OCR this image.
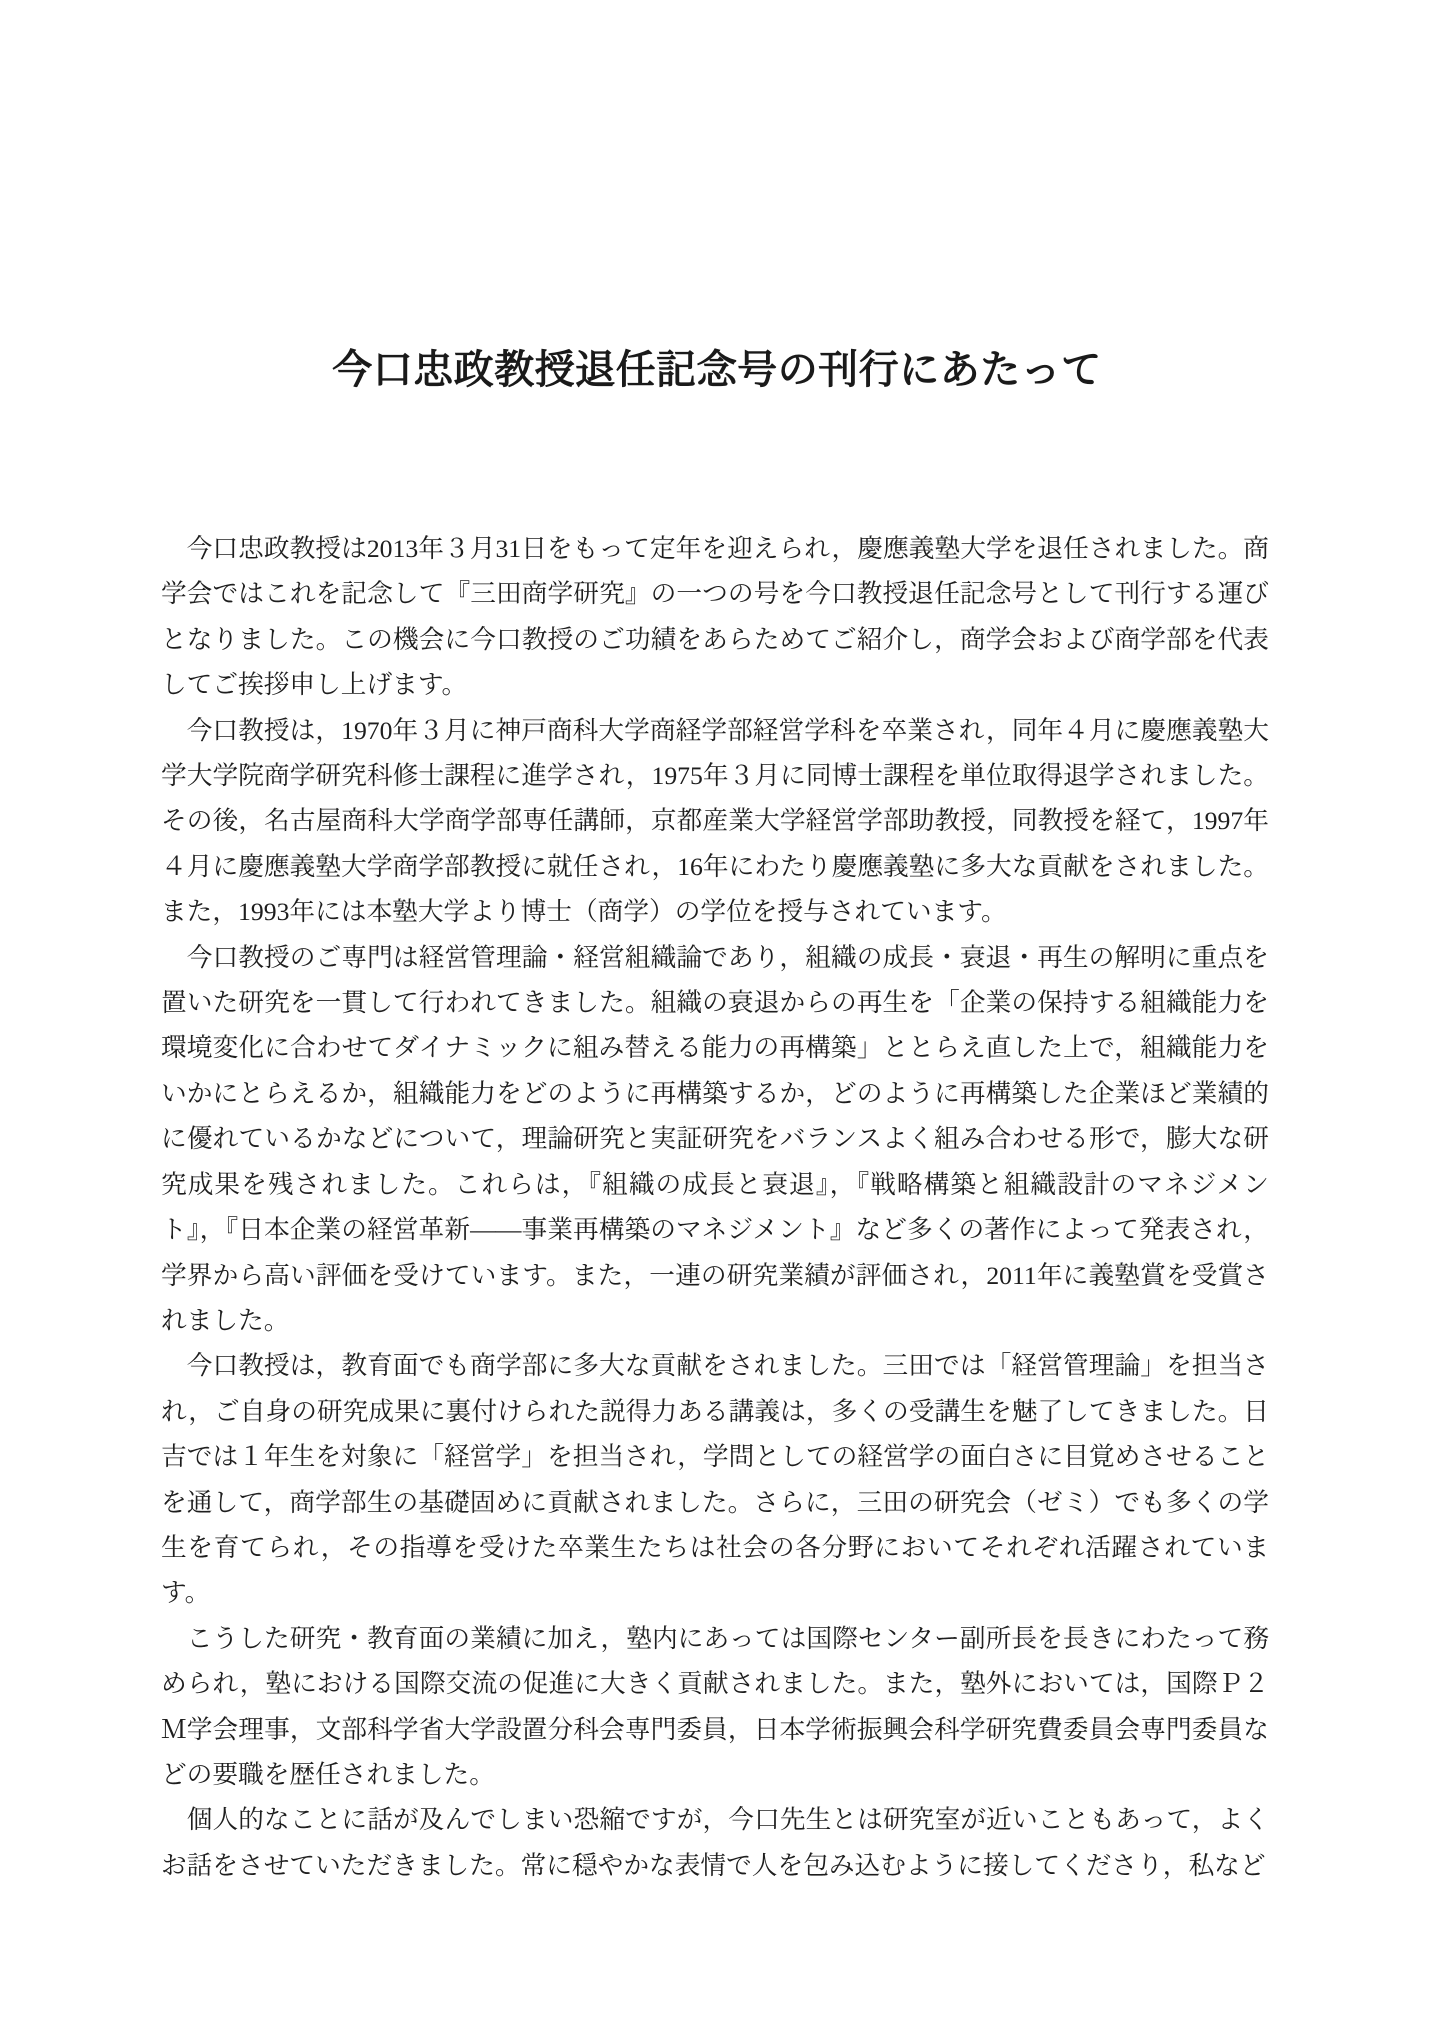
今口忠政教授退任記念号の刊行にあたって

今口忠政教授は2013年３月31日をもって定年を迎えられ，慶應義塾大学を退任されました。商学会ではこれを記念して『三田商学研究』の一つの号を今口教授退任記念号として刊行する運びとなりました。この機会に今口教授のご功績をあらためてご紹介し，商学会および商学部を代表してご挨拶申し上げます。

今口教授は，1970年３月に神戸商科大学商経学部経営学科を卒業され，同年４月に慶應義塾大学大学院商学研究科修士課程に進学され，1975年３月に同博士課程を単位取得退学されました。その後，名古屋商科大学商学部専任講師，京都産業大学経営学部助教授，同教授を経て，1997年４月に慶應義塾大学商学部教授に就任され，16年にわたり慶應義塾に多大な貢献をされました。また，1993年には本塾大学より博士（商学）の学位を授与されています。

今口教授のご専門は経営管理論・経営組織論であり，組織の成長・衰退・再生の解明に重点を置いた研究を一貫して行われてきました。組織の衰退からの再生を「企業の保持する組織能力を環境変化に合わせてダイナミックに組み替える能力の再構築」ととらえ直した上で，組織能力をいかにとらえるか，組織能力をどのように再構築するか，どのように再構築した企業ほど業績的に優れているかなどについて，理論研究と実証研究をバランスよく組み合わせる形で，膨大な研究成果を残されました。これらは，『組織の成長と衰退』，『戦略構築と組織設計のマネジメント』，『日本企業の経営革新――事業再構築のマネジメント』など多くの著作によって発表され，学界から高い評価を受けています。また，一連の研究業績が評価され，2011年に義塾賞を受賞されました。

今口教授は，教育面でも商学部に多大な貢献をされました。三田では「経営管理論」を担当され，ご自身の研究成果に裏付けられた説得力ある講義は，多くの受講生を魅了してきました。日吉では１年生を対象に「経営学」を担当され，学問としての経営学の面白さに目覚めさせることを通して，商学部生の基礎固めに貢献されました。さらに，三田の研究会（ゼミ）でも多くの学生を育てられ，その指導を受けた卒業生たちは社会の各分野においてそれぞれ活躍されています。

こうした研究・教育面の業績に加え，塾内にあっては国際センター副所長を長きにわたって務められ，塾における国際交流の促進に大きく貢献されました。また，塾外においては，国際Ｐ２Ｍ学会理事，文部科学省大学設置分科会専門委員，日本学術振興会科学研究費委員会専門委員などの要職を歴任されました。

個人的なことに話が及んでしまい恐縮ですが，今口先生とは研究室が近いこともあって，よくお話をさせていただきました。常に穏やかな表情で人を包み込むように接してくださり，私など
